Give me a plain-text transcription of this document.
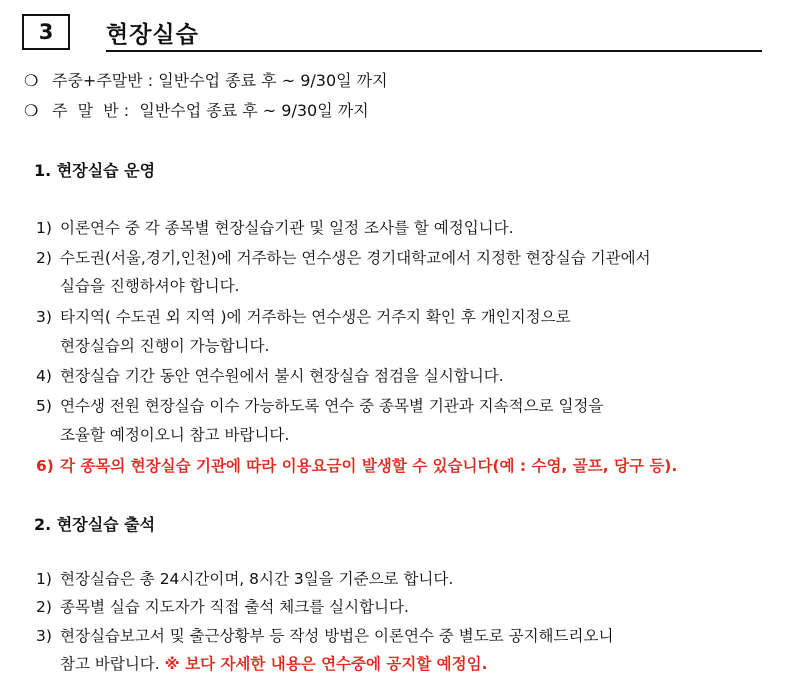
3	현장실습
❍ 주중+주말반 : 일반수업 종료 후 ~ 9/30일 까지
❍ 주  말  반 :  일반수업 종료 후 ~ 9/30일 까지
1. 현장실습 운영
1) 이론연수 중 각 종목별 현장실습기관 및 일정 조사를 할 예정입니다.
2) 수도권(서울,경기,인천)에 거주하는 연수생은 경기대학교에서 지정한 현장실습 기관에서
실습을 진행하셔야 합니다.
3) 타지역( 수도권 외 지역 )에 거주하는 연수생은 거주지 확인 후 개인지정으로
현장실습의 진행이 가능합니다.
4) 현장실습 기간 동안 연수원에서 불시 현장실습 점검을 실시합니다.
5) 연수생 전원 현장실습 이수 가능하도록 연수 중 종목별 기관과 지속적으로 일정을
조율할 예정이오니 참고 바랍니다.
6) 각 종목의 현장실습 기관에 따라 이용요금이 발생할 수 있습니다(예 : 수영, 골프, 당구 등).
2. 현장실습 출석
1) 현장실습은 총 24시간이며, 8시간 3일을 기준으로 합니다.
2) 종목별 실습 지도자가 직접 출석 체크를 실시합니다.
3) 현장실습보고서 및 출근상황부 등 작성 방법은 이론연수 중 별도로 공지해드리오니
참고 바랍니다. ※ 보다 자세한 내용은 연수중에 공지할 예정임.
